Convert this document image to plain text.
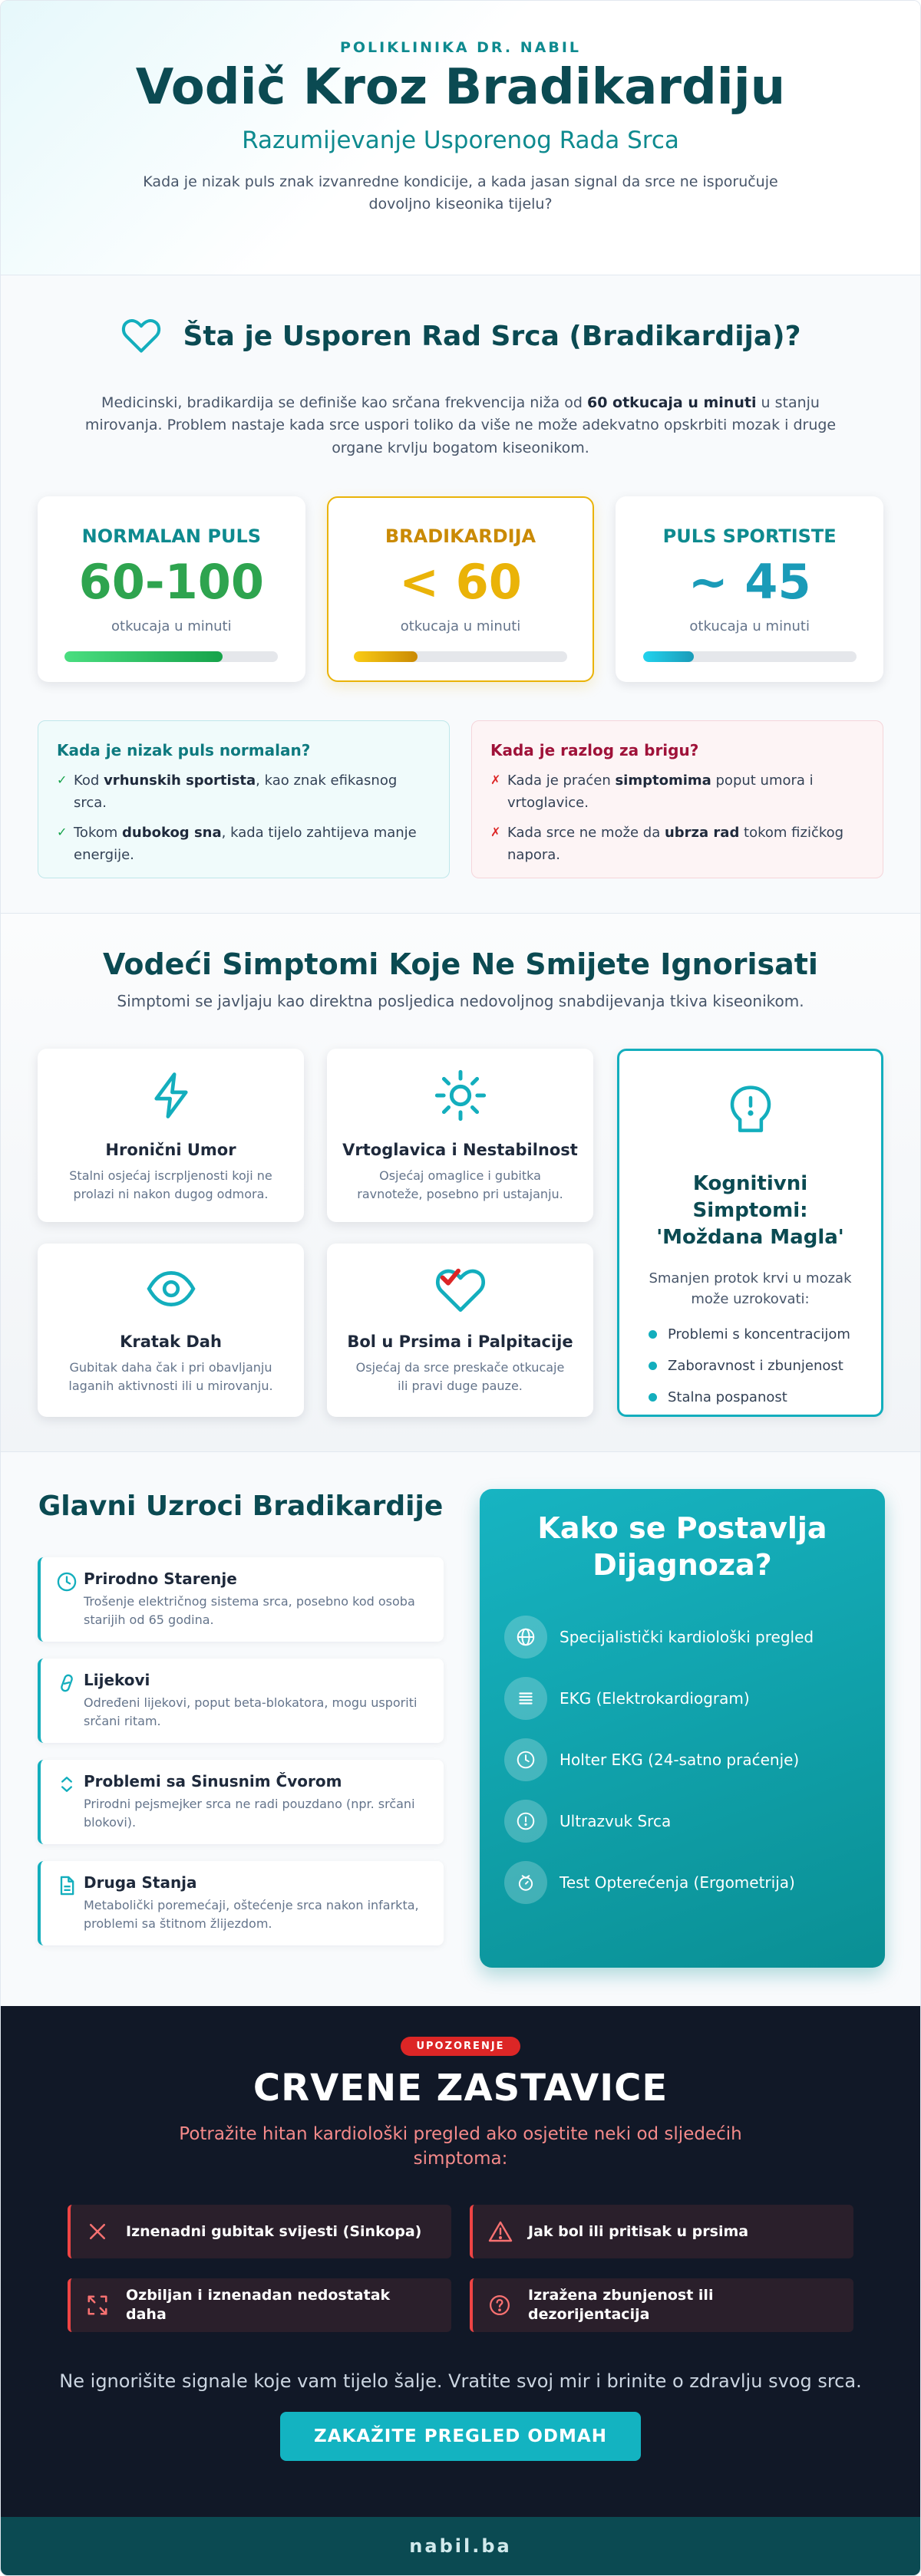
POLIKLINIKA DR. NABIL
Vodič Kroz Bradikardiju
Razumijevanje Usporenog Rada Srca

Kada je nizak puls znak izvanredne kondicije, a kada jasan signal da srce ne isporučuje dovoljno kiseonika tijelu?

Šta je Usporen Rad Srca (Bradikardija)?

Medicinski, bradikardija se definiše kao srčana frekvencija niža od 60 otkucaja u minuti u stanju mirovanja. Problem nastaje kada srce uspori toliko da više ne može adekvatno opskrbiti mozak i druge organe krvlju bogatom kiseonikom.

NORMALAN PULS
60-100
otkucaja u minuti
BRADIKARDIJA
< 60
otkucaja u minuti
PULS SPORTISTE
~ 45
otkucaja u minuti
Kada je nizak puls normalan?
✓ Kod vrhunskih sportista, kao znak efikasnog srca.
✓ Tokom dubokog sna, kada tijelo zahtijeva manje energije.
Kada je razlog za brigu?
✗ Kada je praćen simptomima poput umora i vrtoglavice.
✗ Kada srce ne može da ubrza rad tokom fizičkog napora.
Vodeći Simptomi Koje Ne Smijete Ignorisati

Simptomi se javljaju kao direktna posljedica nedovoljnog snabdijevanja tkiva kiseonikom.

Hronični Umor
Stalni osjećaj iscrpljenosti koji ne prolazi ni nakon dugog odmora.
Vrtoglavica i Nestabilnost
Osjećaj omaglice i gubitka ravnoteže, posebno pri ustajanju.
Kratak Dah
Gubitak daha čak i pri obavljanju laganih aktivnosti ili u mirovanju.
Bol u Prsima i Palpitacije
Osjećaj da srce preskače otkucaje ili pravi duge pauze.
Kognitivni Simptomi: 'Moždana Magla'
Smanjen protok krvi u mozak može uzrokovati:
Problemi s koncentracijom
Zaboravnost i zbunjenost
Stalna pospanost
Glavni Uzroci Bradikardije
Prirodno Starenje
Trošenje električnog sistema srca, posebno kod osoba starijih od 65 godina.
Lijekovi
Određeni lijekovi, poput beta-blokatora, mogu usporiti srčani ritam.
Problemi sa Sinusnim Čvorom
Prirodni pejsmejker srca ne radi pouzdano (npr. srčani blokovi).
Druga Stanja
Metabolički poremećaji, oštećenje srca nakon infarkta, problemi sa štitnom žlijezdom.
Kako se Postavlja Dijagnoza?
Specijalistički kardiološki pregled
EKG (Elektrokardiogram)
Holter EKG (24-satno praćenje)
Ultrazvuk Srca
Test Opterećenja (Ergometrija)
UPOZORENJE
CRVENE ZASTAVICE

Potražite hitan kardiološki pregled ako osjetite neki od sljedećih simptoma:

Iznenadni gubitak svijesti (Sinkopa)	Jak bol ili pritisak u prsima
Ozbiljan i iznenadan nedostatak daha
Izražena zbunjenost ili dezorijentacija

Ne ignorišite signale koje vam tijelo šalje. Vratite svoj mir i brinite o zdravlju svog srca.

ZAKAŽITE PREGLED ODMAH
nabil.ba
